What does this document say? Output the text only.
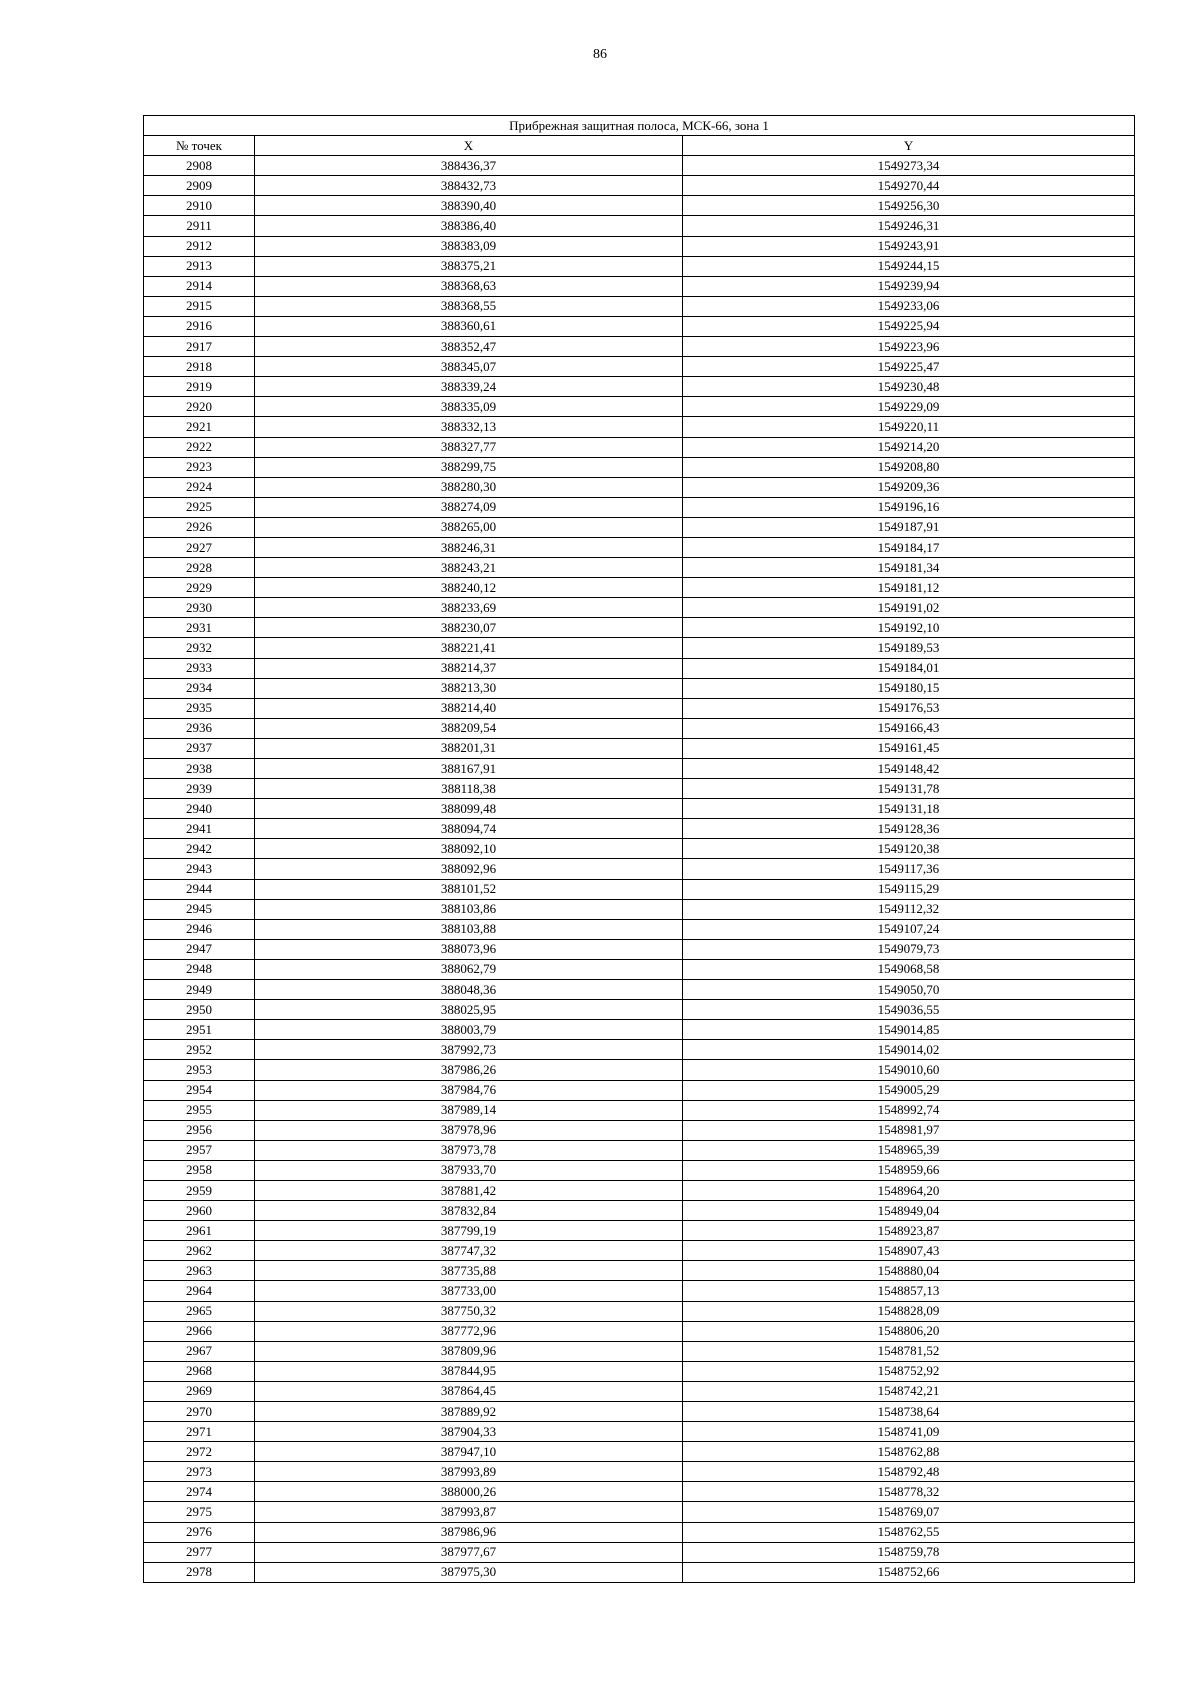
86
Прибрежная защитная полоса, МСК-66, зона 1		
№ точек	X	Y
2908	388436,37	1549273,34
2909	388432,73	1549270,44
2910	388390,40	1549256,30
2911	388386,40	1549246,31
2912	388383,09	1549243,91
2913	388375,21	1549244,15
2914	388368,63	1549239,94
2915	388368,55	1549233,06
2916	388360,61	1549225,94
2917	388352,47	1549223,96
2918	388345,07	1549225,47
2919	388339,24	1549230,48
2920	388335,09	1549229,09
2921	388332,13	1549220,11
2922	388327,77	1549214,20
2923	388299,75	1549208,80
2924	388280,30	1549209,36
2925	388274,09	1549196,16
2926	388265,00	1549187,91
2927	388246,31	1549184,17
2928	388243,21	1549181,34
2929	388240,12	1549181,12
2930	388233,69	1549191,02
2931	388230,07	1549192,10
2932	388221,41	1549189,53
2933	388214,37	1549184,01
2934	388213,30	1549180,15
2935	388214,40	1549176,53
2936	388209,54	1549166,43
2937	388201,31	1549161,45
2938	388167,91	1549148,42
2939	388118,38	1549131,78
2940	388099,48	1549131,18
2941	388094,74	1549128,36
2942	388092,10	1549120,38
2943	388092,96	1549117,36
2944	388101,52	1549115,29
2945	388103,86	1549112,32
2946	388103,88	1549107,24
2947	388073,96	1549079,73
2948	388062,79	1549068,58
2949	388048,36	1549050,70
2950	388025,95	1549036,55
2951	388003,79	1549014,85
2952	387992,73	1549014,02
2953	387986,26	1549010,60
2954	387984,76	1549005,29
2955	387989,14	1548992,74
2956	387978,96	1548981,97
2957	387973,78	1548965,39
2958	387933,70	1548959,66
2959	387881,42	1548964,20
2960	387832,84	1548949,04
2961	387799,19	1548923,87
2962	387747,32	1548907,43
2963	387735,88	1548880,04
2964	387733,00	1548857,13
2965	387750,32	1548828,09
2966	387772,96	1548806,20
2967	387809,96	1548781,52
2968	387844,95	1548752,92
2969	387864,45	1548742,21
2970	387889,92	1548738,64
2971	387904,33	1548741,09
2972	387947,10	1548762,88
2973	387993,89	1548792,48
2974	388000,26	1548778,32
2975	387993,87	1548769,07
2976	387986,96	1548762,55
2977	387977,67	1548759,78
2978	387975,30	1548752,66
